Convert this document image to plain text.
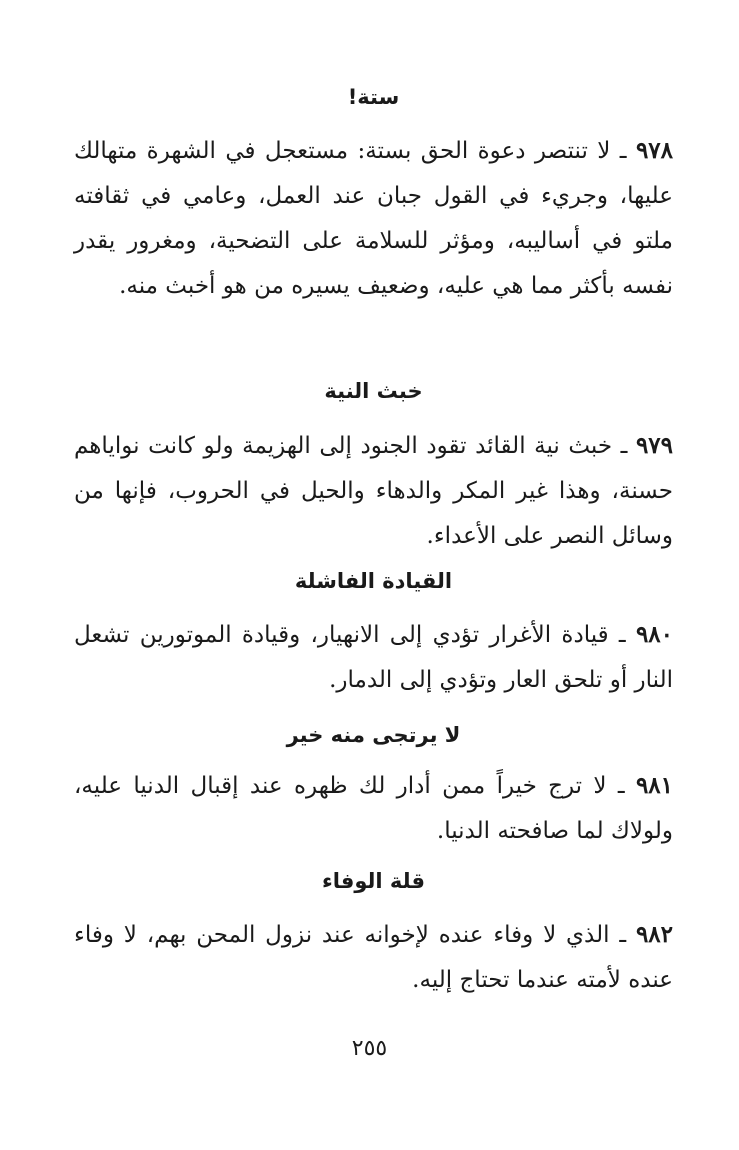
ستة!

٩٧٨ ـ لا تنتصر دعوة الحق بستة: مستعجل في الشهرة متهالك عليها، وجريء في القول جبان عند العمل، وعامي في ثقافته ملتو في أساليبه، ومؤثر للسلامة على التضحية، ومغرور يقدر نفسه بأكثر مما هي عليه، وضعيف يسيره من هو أخبث منه.

خبث النية

٩٧٩ ـ خبث نية القائد تقود الجنود إلى الهزيمة ولو كانت نواياهم حسنة، وهذا غير المكر والدهاء والحيل في الحروب، فإنها من وسائل النصر على الأعداء.

القيادة الفاشلة

٩٨٠ ـ قيادة الأغرار تؤدي إلى الانهيار، وقيادة الموتورين تشعل النار أو تلحق العار وتؤدي إلى الدمار.

لا يرتجى منه خير

٩٨١ ـ لا ترج خيراً ممن أدار لك ظهره عند إقبال الدنيا عليه، ولولاك لما صافحته الدنيا.

قلة الوفاء

٩٨٢ ـ الذي لا وفاء عنده لإخوانه عند نزول المحن بهم، لا وفاء عنده لأمته عندما تحتاج إليه.

٢٥٥
